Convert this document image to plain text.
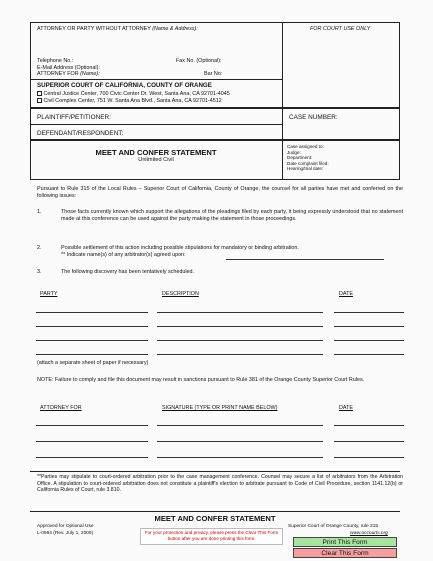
ATTORNEY OR PARTY WITHOUT ATTORNEY (Name & Address):	FOR COURT USE ONLY
Telephone No.:	Fax No. (Optional):
E-Mail Address (Optional):
ATTORNEY FOR (Name):	Bar No:
SUPERIOR COURT OF CALIFORNIA, COUNTY OF ORANGE
Central Justice Center, 700 Civic Center Dr. West, Santa Ana, CA 92701-4045
Civil Complex Center, 751 W. Santa Ana Blvd., Santa Ana, CA 92701-4512
PLAINTIFF/PETITIONER:
DEFENDANT/RESPONDENT:
CASE NUMBER:
MEET AND CONFER STATEMENT
Unlimited Civil
Case assigned to:
Judge:
Department:
Date complaint filed:
Hearing/trial date:
Pursuant to Rule 315 of the Local Rules – Superior Court of California, County of Orange, the counsel for all parties have met and conferred on the following issues:
1.	Those facts currently known which support the allegations of the pleadings filed by each party, it being expressly understood that no statement made at this conference can be used against the party making the statement in those proceedings.
2.	Possible settlement of this action including possible stipulations for mandatory or binding arbitration.
** Indicate name(s) of any arbitrator(s) agreed upon:
3.	The following discovery has been tentatively scheduled.
PARTY	DESCRIPTION	DATE
(attach a separate sheet of paper if necessary)
NOTE: Failure to comply and file this document may result in sanctions pursuant to Rule 381 of the Orange County Superior Court Rules.
ATTORNEY FOR	SIGNATURE (TYPE OR PRINT NAME BELOW)	DATE
**Parties may stipulate to court-ordered arbitration prior to the case management conference. Counsel may secure a list of arbitrators from the Arbitration Office. A stipulation to court-ordered arbitration does not constitute a plaintiff's election to arbitrate pursuant to Code of Civil Procedure, section 1141.12(b) or California Rules of Court, rule 3.810.
MEET AND CONFER STATEMENT
Approved for Optional Use
L-0964 (Rev. July 1, 2009)	For your protection and privacy, please press the Clear This Form button after you are done printing this form.
Superior Court of Orange County, rule 315
www.occourts.org
Print This Form
Clear This Form
